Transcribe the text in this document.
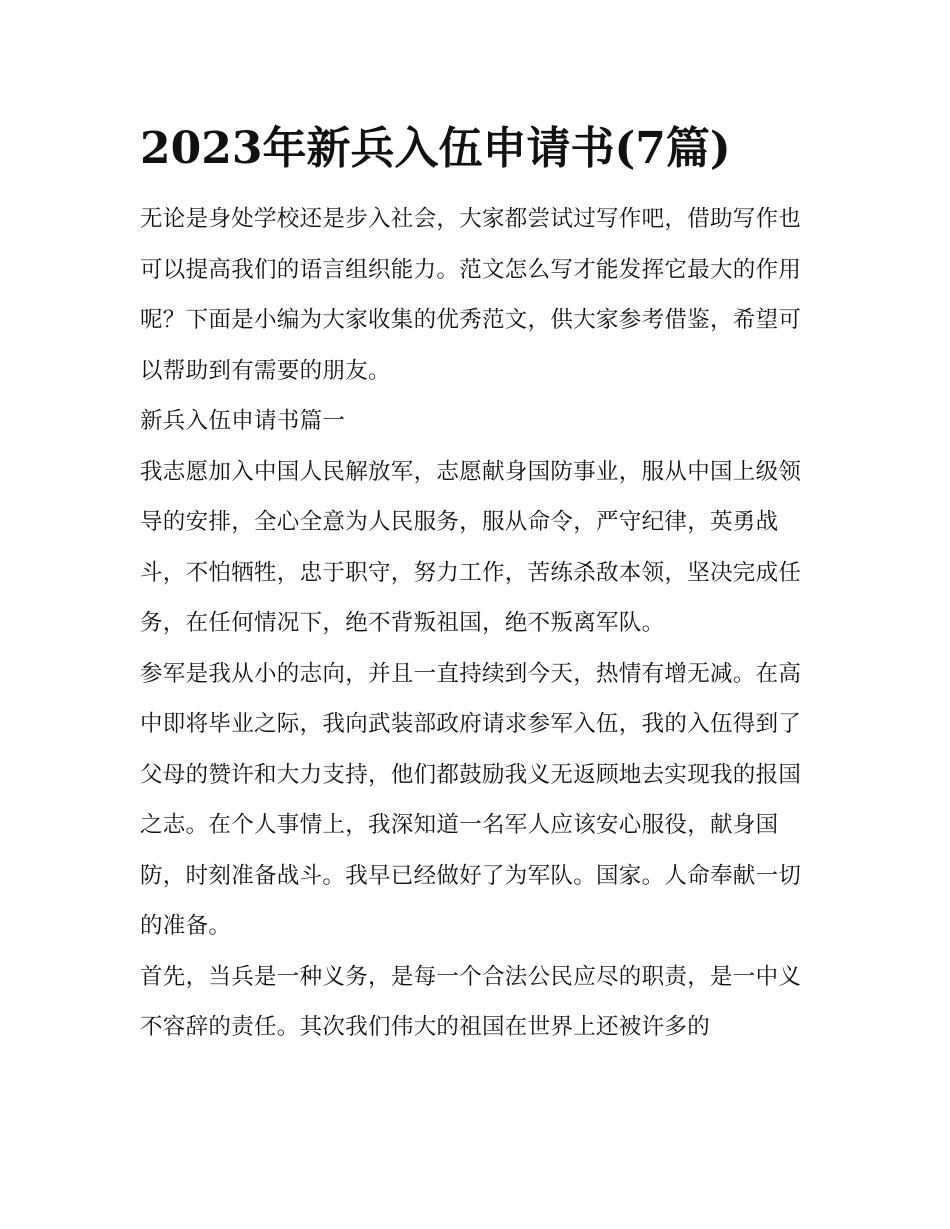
2023年新兵入伍申请书(7篇)

无论是身处学校还是步入社会，大家都尝试过写作吧，借助写作也可以提高我们的语言组织能力。范文怎么写才能发挥它最大的作用呢？下面是小编为大家收集的优秀范文，供大家参考借鉴，希望可以帮助到有需要的朋友。

新兵入伍申请书篇一

我志愿加入中国人民解放军，志愿献身国防事业，服从中国上级领导的安排，全心全意为人民服务，服从命令，严守纪律，英勇战斗，不怕牺牲，忠于职守，努力工作，苦练杀敌本领，坚决完成任务，在任何情况下，绝不背叛祖国，绝不叛离军队。

参军是我从小的志向，并且一直持续到今天，热情有增无减。在高中即将毕业之际，我向武装部政府请求参军入伍，我的入伍得到了父母的赞许和大力支持，他们都鼓励我义无返顾地去实现我的报国之志。在个人事情上，我深知道一名军人应该安心服役，献身国防，时刻准备战斗。我早已经做好了为军队。国家。人命奉献一切的准备。

首先，当兵是一种义务，是每一个合法公民应尽的职责，是一中义不容辞的责任。其次我们伟大的祖国在世界上还被许多的
